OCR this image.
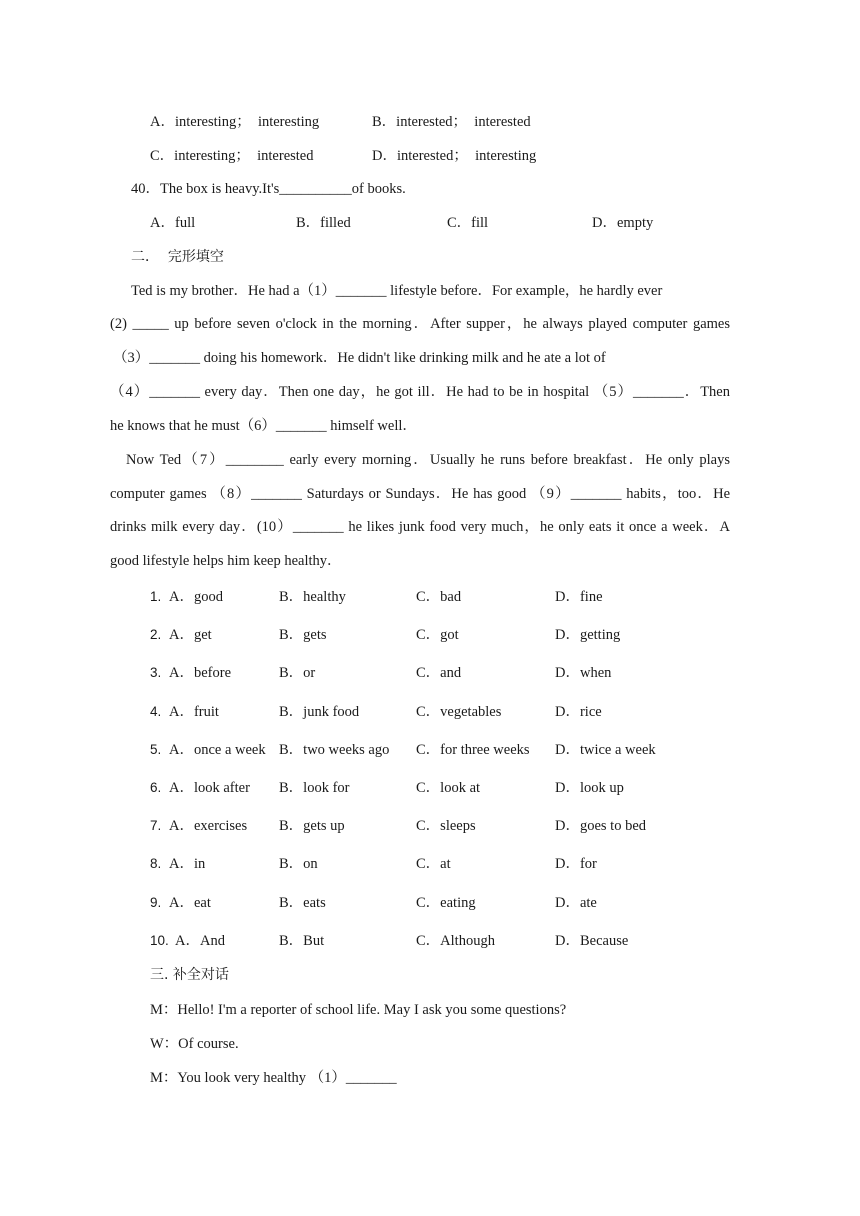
A．interesting；  interesting	B．interested；  interested
C．interesting；  interested	D．interested；  interesting
40．The box is heavy.It's__________of books.
A．full	B．filled	C．fill	D．empty
二．  完形填空
Ted is my brother．He had a（1）_______ lifestyle before．For example，he hardly ever
(2) _____ up before seven o'clock in the morning．After supper，he always played computer games
（3）_______ doing his homework．He didn't like drinking milk and he ate a lot of
（4）_______ every day．Then one day，he got ill．He had to be in hospital （5）_______．Then
he knows that he must（6）_______ himself well．
Now Ted（7）________ early every morning．Usually he runs before breakfast．He only plays
computer games （8）_______ Saturdays or Sundays．He has good （9）_______ habits，too．He
drinks milk every day．(10）_______ he likes junk food very much，he only eats it once a week．A
good lifestyle helps him keep healthy．
1. A．good	B．healthy	C．bad	D．fine
2. A．get	B．gets	C．got	D．getting
3. A．before	B．or	C．and	D．when
4. A．fruit	B．junk food	C．vegetables	D．rice
5. A．once a week B．two weeks ago C．for three weeks D．twice a week
6. A．look after B．look for	C．look at	D．look up
7. A．exercises B．gets up	C．sleeps	D．goes to bed
8. A．in	B．on	C．at	D．for
9. A．eat	B．eats	C．eating	D．ate
10. A．And	B．But	C．Although	D．Because
三. 补全对话
M：Hello! I'm a reporter of school life. May I ask you some questions?
W：Of course.
M：You look very healthy （1）_______
